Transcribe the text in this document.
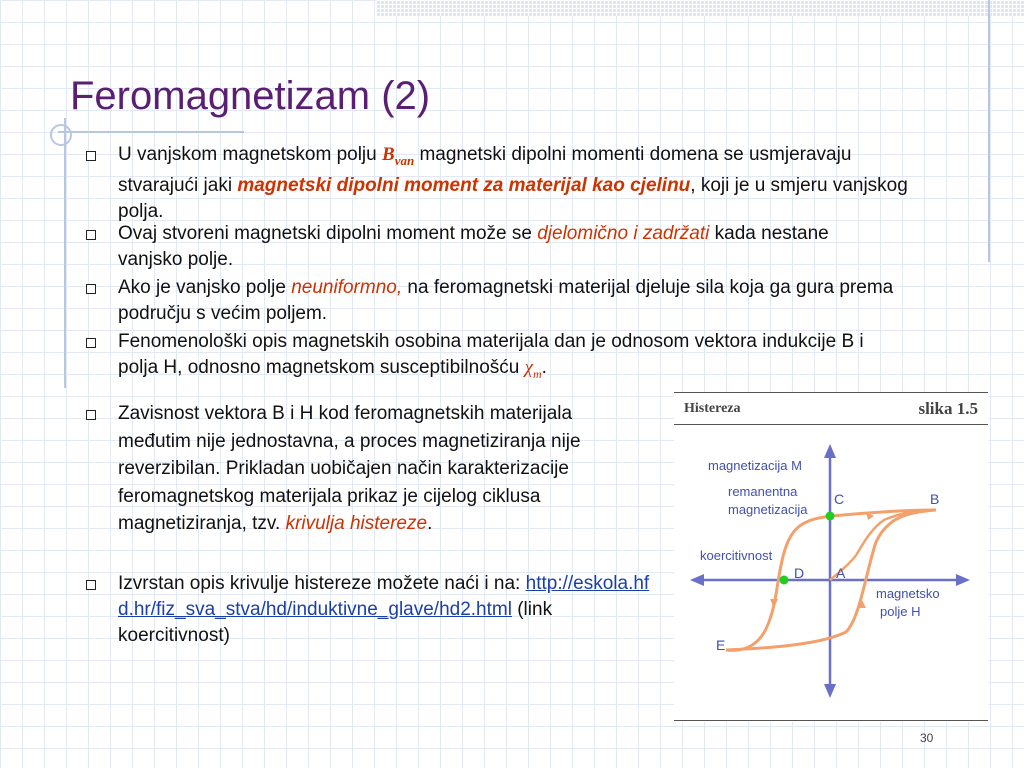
Feromagnetizam (2)
U vanjskom magnetskom polju $B_{van}$ magnetski dipolni momenti domena se usmjeravaju stvarajući jaki magnetski dipolni moment za materijal kao cjelinu, koji je u smjeru vanjskog polja.
Ovaj stvoreni magnetski dipolni moment može se djelomično i zadržati kada nestane vanjsko polje.
Ako je vanjsko polje neuniformno, na feromagnetski materijal djeluje sila koja ga gura prema području s većim poljem.
Fenomenološki opis magnetskih osobina materijala dan je odnosom vektora indukcije B i polja H, odnosno magnetskom susceptibilnošću $\chi_m$.
Zavisnost vektora B i H kod feromagnetskih materijala međutim nije jednostavna, a proces magnetiziranja nije reverzibilan. Prikladan uobičajen način karakterizacije feromagnetskog materijala prikaz je cijelog ciklusa magnetiziranja, tzv. krivulja histereze.
Izvrstan opis krivulje histereze možete naći i na: http://eskola.hfd.hr/fiz_sva_stva/hd/induktivne_glave/hd2.html (link koercitivnost)
Histereza	slika 1.5
magnetizacija M
remanentna
magnetizacija
koercitivnost
magnetsko
polje H
A
B
C
D
E
30
